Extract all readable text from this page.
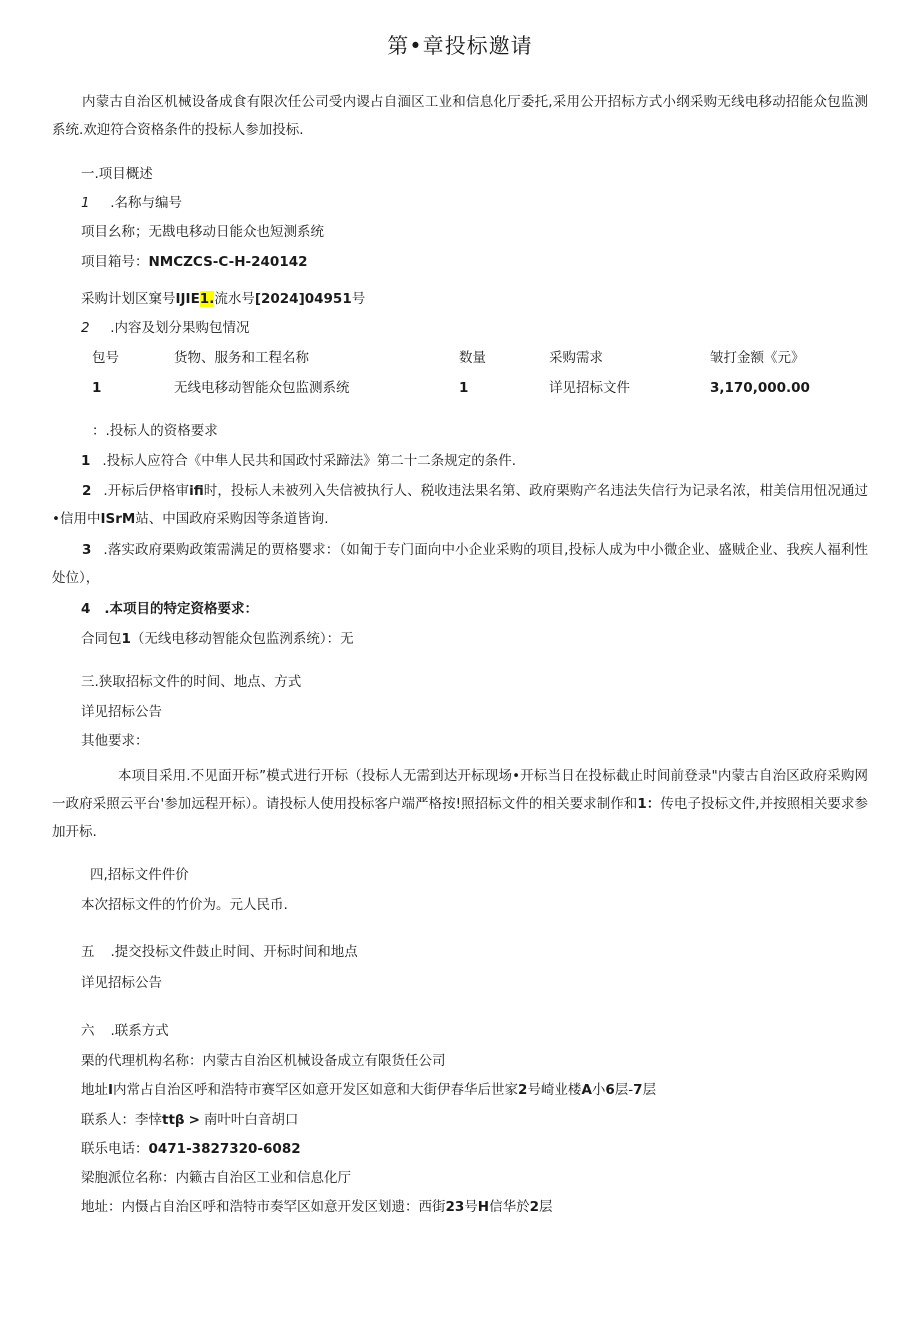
第•章投标邀请
内蒙古自治区机械设备成食有限次任公司受内谡占自湎区工业和信息化厅委托,采用公开招标方式小纲采购无线电移动招能众包监测系统.欢迎符合资格条件的投标人参加投标.
一.项目概述
1 .名称与编号
项目幺称；无戡电移动日能众也短测系统
项目箱号：NMCZCS-C-H-240142
采购计划区窠号IJIE1.流水号[2024]04951号
2 .内容及划分果购包情况
包号	货物、服务和工程名称	数量	采购需求	皱打金额《元》
1	无线电移动智能众包监测系统	1	详见招标文件	3,170,000.00
：.投标人的资格要求
1 .投标人应符合《中隼人民共和国政忖采蹄法》第二十二条规定的条件.
2 .开标后伊格审ifi时，投标人未被列入失信被执行人、税收违法果名第、政府栗购产名违法失信行为记录名浓，柑美信用忸况通过•信用中ISrM站、中国政府采购因等条道皆询.
3 .落实政府栗购政策需满足的贾格婴求：（如匍于专门面向中小企业采购的项目,投标人成为中小微企业、盛贼企业、我疾人福利性处位），
4 .本项目的特定资格要求：
合同包1（无线电移动智能众包监洌系统）：无
三.狭取招标文件的时间、地点、方式
详见招标公告
其他要求：
本项目采用.不见面开标”模式进行开标（投标人无需到达开标现场•开标当日在投标截止时间前登录"内蒙古自治区政府采购网一政府采照云平台'参加远程开标）。请投标人使用投标客户端严格按!照招标文件的相关要求制作和1：传电子投标文件,并按照相关要求参加开标.
四,招标文件件价
本次招标文件的竹价为。元人民币.
五 .提交投标文件鼓止时间、开标时间和地点
详见招标公告
六 .联系方式
栗的代理机构名称：内蒙古自治区机械设备成立有限货任公司
地址I内常占自治区呼和浩特市赛罕区如意开发区如意和大街伊春华后世家2号崎业楼A小6层-7层
联系人：李悻ttβ > 南叶叶白音胡口
联乐电话：0471-3827320-6082
梁胞派位名称：内籁古自治区工业和信息化厅
地址：内慑占自治区呼和浩特市奏罕区如意开发区划遗：西街23号H信华於2层
